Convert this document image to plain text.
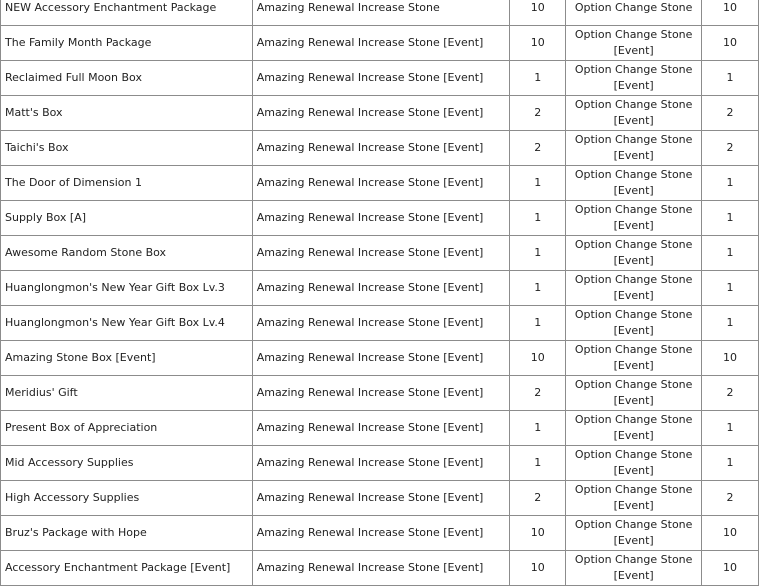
NEW Accessory Enchantment Package	Amazing Renewal Increase Stone	10	Option Change Stone	10
The Family Month Package	Amazing Renewal Increase Stone [Event]	10	Option Change Stone [Event]	10
Reclaimed Full Moon Box	Amazing Renewal Increase Stone [Event]	1	Option Change Stone [Event]	1
Matt's Box	Amazing Renewal Increase Stone [Event]	2	Option Change Stone [Event]	2
Taichi's Box	Amazing Renewal Increase Stone [Event]	2	Option Change Stone [Event]	2
The Door of Dimension 1	Amazing Renewal Increase Stone [Event]	1	Option Change Stone [Event]	1
Supply Box [A]	Amazing Renewal Increase Stone [Event]	1	Option Change Stone [Event]	1
Awesome Random Stone Box	Amazing Renewal Increase Stone [Event]	1	Option Change Stone [Event]	1
Huanglongmon's New Year Gift Box Lv.3	Amazing Renewal Increase Stone [Event]	1	Option Change Stone [Event]	1
Huanglongmon's New Year Gift Box Lv.4	Amazing Renewal Increase Stone [Event]	1	Option Change Stone [Event]	1
Amazing Stone Box [Event]	Amazing Renewal Increase Stone [Event]	10	Option Change Stone [Event]	10
Meridius' Gift	Amazing Renewal Increase Stone [Event]	2	Option Change Stone [Event]	2
Present Box of Appreciation	Amazing Renewal Increase Stone [Event]	1	Option Change Stone [Event]	1
Mid Accessory Supplies	Amazing Renewal Increase Stone [Event]	1	Option Change Stone [Event]	1
High Accessory Supplies	Amazing Renewal Increase Stone [Event]	2	Option Change Stone [Event]	2
Bruz's Package with Hope	Amazing Renewal Increase Stone [Event]	10	Option Change Stone [Event]	10
Accessory Enchantment Package [Event]	Amazing Renewal Increase Stone [Event]	10	Option Change Stone [Event]	10
